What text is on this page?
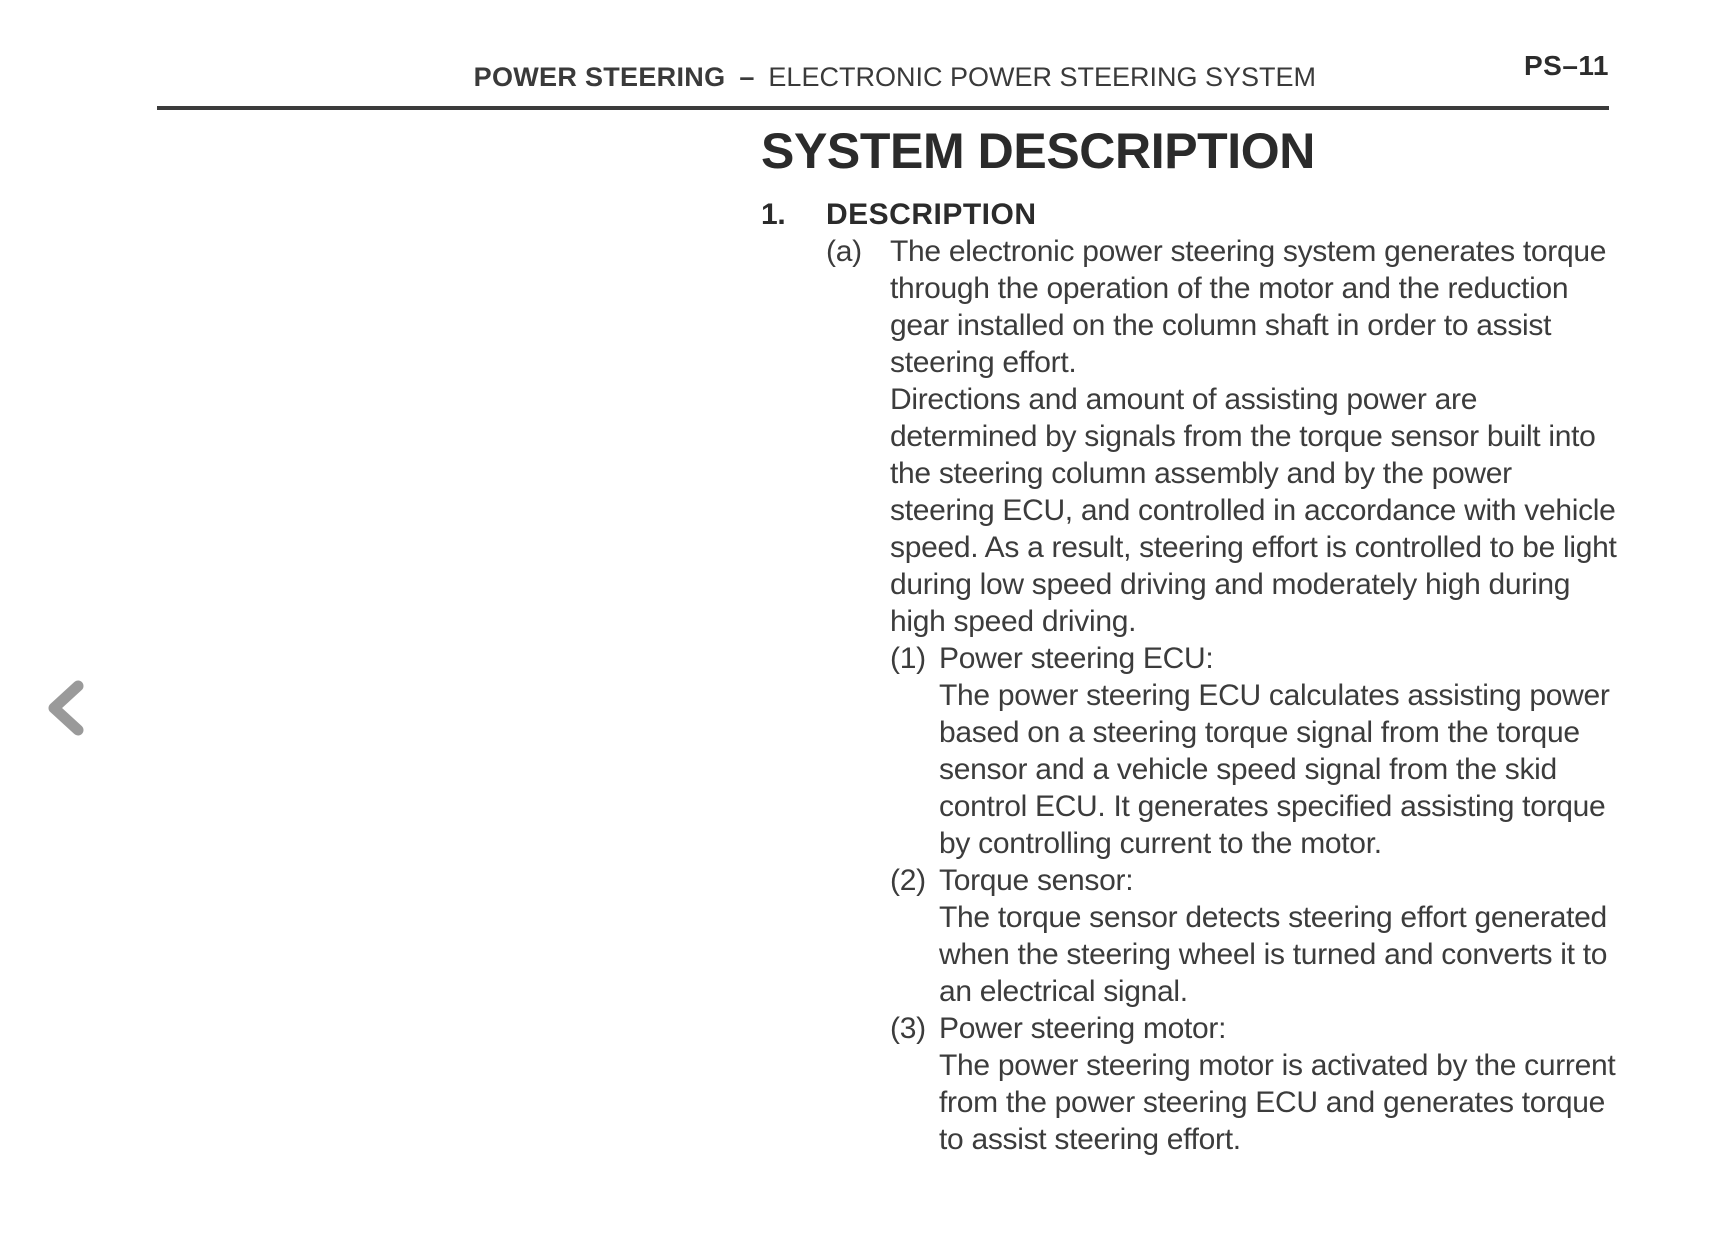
POWER STEERING – ELECTRONIC POWER STEERING SYSTEM	PS–11
SYSTEM DESCRIPTION
1.	DESCRIPTION
(a) The electronic power steering system generates torque through the operation of the motor and the reduction gear installed on the column shaft in order to assist steering effort.

Directions and amount of assisting power are determined by signals from the torque sensor built into the steering column assembly and by the power steering ECU, and controlled in accordance with vehicle speed. As a result, steering effort is controlled to be light during low speed driving and moderately high during high speed driving.

(1) Power steering ECU:
The power steering ECU calculates assisting power based on a steering torque signal from the torque sensor and a vehicle speed signal from the skid control ECU. It generates specified assisting torque by controlling current to the motor.
(2) Torque sensor:
The torque sensor detects steering effort generated when the steering wheel is turned and converts it to an electrical signal.
(3) Power steering motor:
The power steering motor is activated by the current from the power steering ECU and generates torque to assist steering effort.
